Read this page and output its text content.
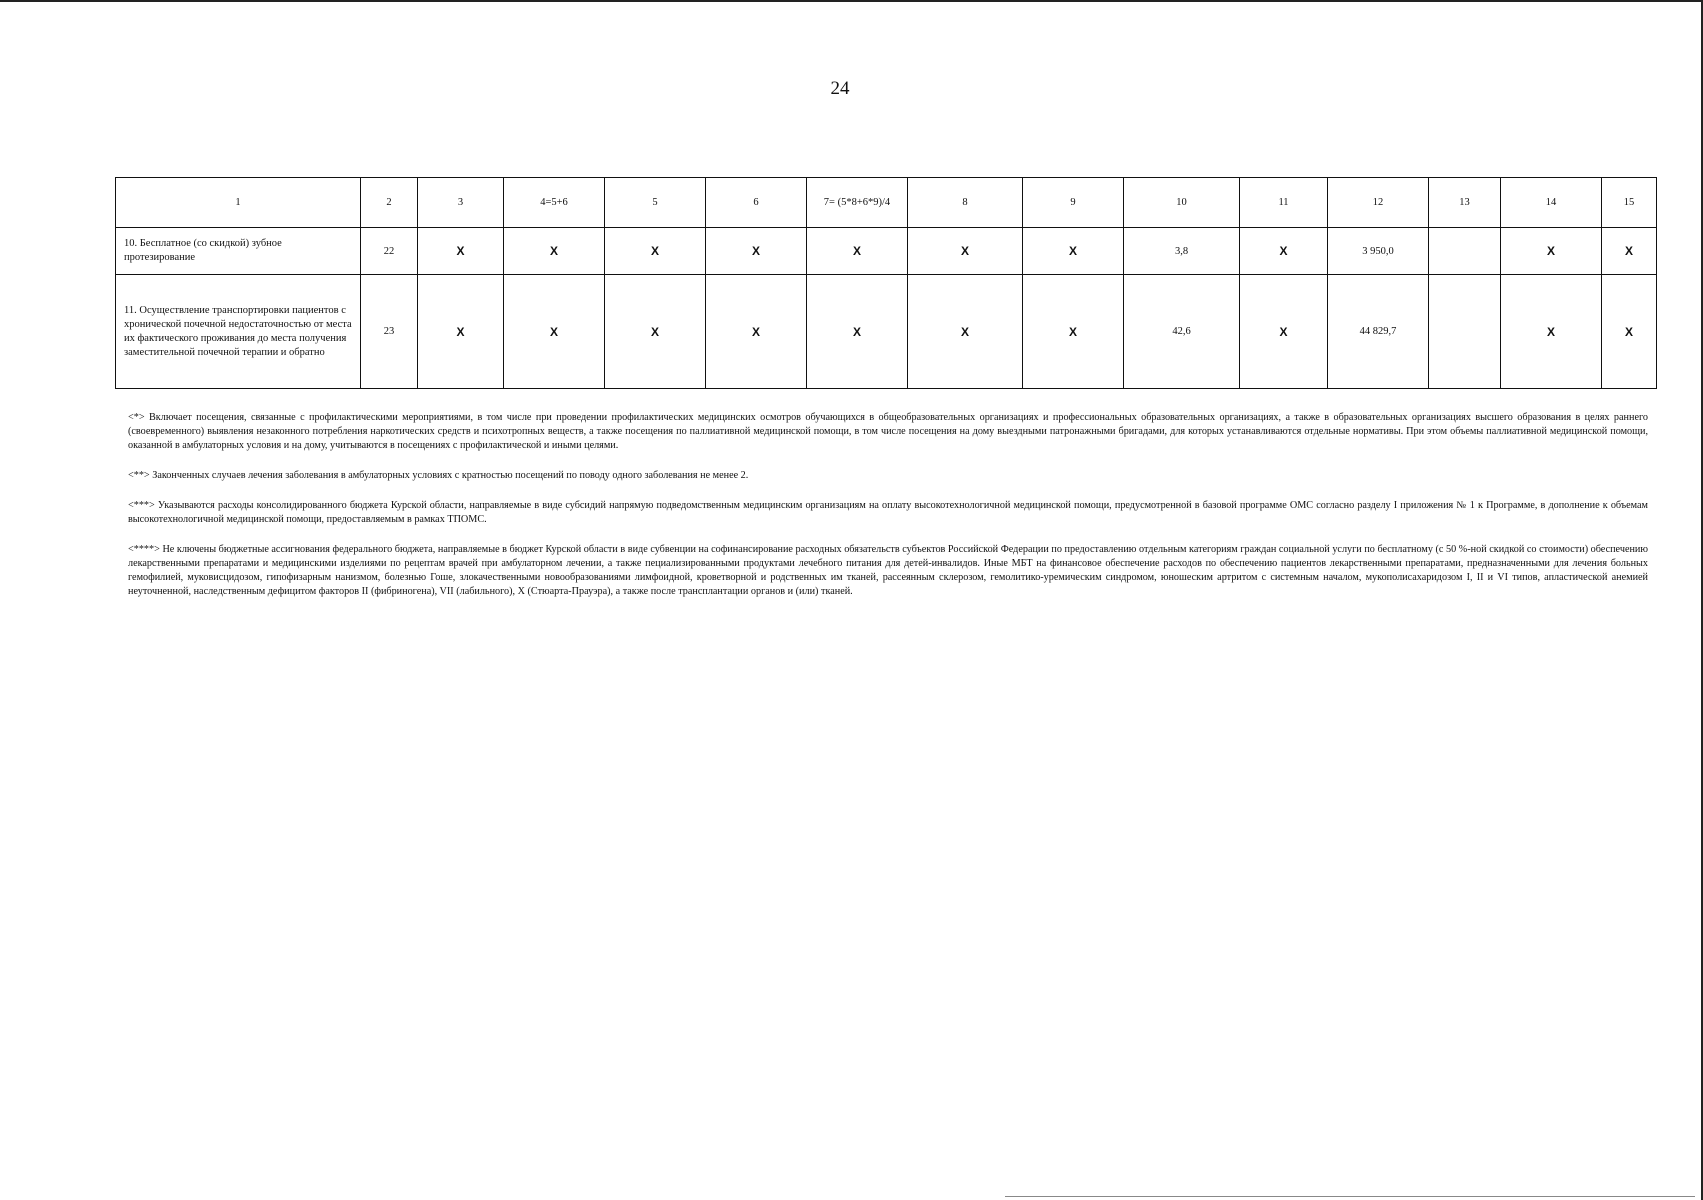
24
1	2	3	4=5+6	5	6	7= (5*8+6*9)/4	8	9	10	11	12	13	14	15
10. Бесплатное (со скидкой) зубное протезирование	22	X	X	X	X	X	X	X	3,8	X	3 950,0		X	X
11. Осуществление транспортировки пациентов с хронической почечной недостаточностью от места их фактического проживания до места получения заместительной почечной терапии и обратно	23	X	X	X	X	X	X	X	42,6	X	44 829,7		X	X

<*> Включает посещения, связанные с профилактическими мероприятиями, в том числе при проведении профилактических медицинских осмотров обучающихся в общеобразовательных организациях и профессиональных образовательных организациях, а также в образовательных организациях высшего образования в целях раннего (своевременного) выявления незаконного потребления наркотических средств и психотропных веществ, а также посещения по паллиативной медицинской помощи, в том числе посещения на дому выездными патронажными бригадами, для которых устанавливаются отдельные нормативы. При этом объемы паллиативной медицинской помощи, оказанной в амбулаторных условия и на дому, учитываются в посещениях с профилактической и иными целями.

<**> Законченных случаев лечения заболевания в амбулаторных условиях с кратностью посещений по поводу одного заболевания не менее 2.

<***> Указываются расходы консолидированного бюджета Курской области, направляемые в виде субсидий напрямую подведомственным медицинским организациям на оплату высокотехнологичной медицинской помощи, предусмотренной в базовой программе ОМС согласно разделу I приложения № 1 к Программе, в дополнение к объемам высокотехнологичной медицинской помощи, предоставляемым в рамках ТПОМС.

<****> Не ключены бюджетные ассигнования федерального бюджета, направляемые в бюджет Курской области в виде субвенции на софинансирование расходных обязательств субъектов Российской Федерации по предоставлению отдельным категориям граждан социальной услуги по бесплатному (с 50 %-ной скидкой со стоимости) обеспечению лекарственными препаратами и медицинскими изделиями по рецептам врачей при амбулаторном лечении, а также пециализированными продуктами лечебного питания для детей-инвалидов. Иные МБТ на финансовое обеспечение расходов по обеспечению пациентов лекарственными препаратами, предназначенными для лечения больных гемофилией, муковисцидозом, гипофизарным нанизмом, болезнью Гоше, злокачественными новообразованиями лимфоидной, кроветворной и родственных им тканей, рассеянным склерозом, гемолитико-уремическим синдромом, юношеским артритом с системным началом, мукополисахаридозом I, II и VI типов, апластической анемией неуточненной, наследственным дефицитом факторов II (фибриногена), VII (лабильного), X (Стюарта-Прауэра), а также после трансплантации органов и (или) тканей.
